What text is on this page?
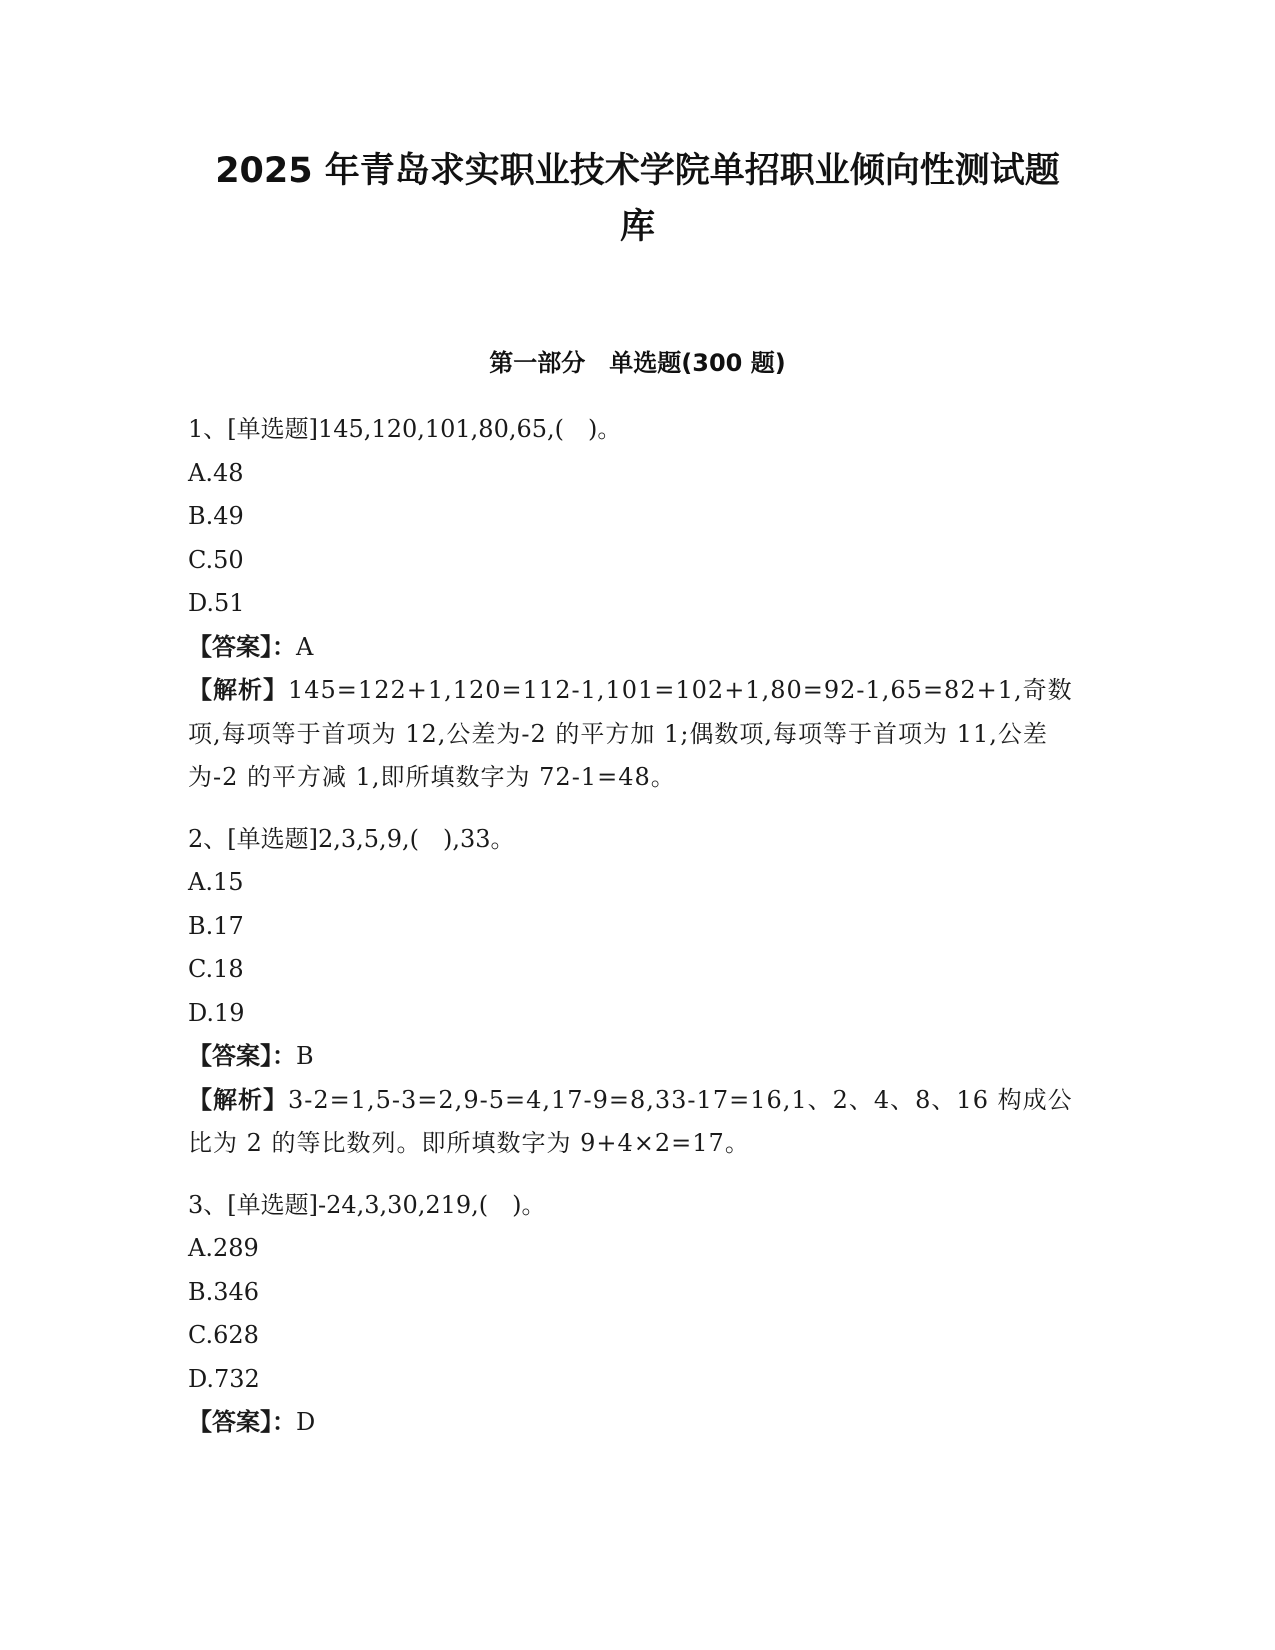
2025 年青岛求实职业技术学院单招职业倾向性测试题
库
第一部分　单选题(300 题)
1、[单选题]145,120,101,80,65,(　)。
A.48
B.49
C.50
D.51
【答案】：A
【解析】145=122+1,120=112-1,101=102+1,80=92-1,65=82+1,奇数项,每项等于首项为 12,公差为-2 的平方加 1;偶数项,每项等于首项为 11,公差为-2 的平方减 1,即所填数字为 72-1=48。
2、[单选题]2,3,5,9,(　),33。
A.15
B.17
C.18
D.19
【答案】：B
【解析】3-2=1,5-3=2,9-5=4,17-9=8,33-17=16,1、2、4、8、16 构成公比为 2 的等比数列。即所填数字为 9+4×2=17。
3、[单选题]-24,3,30,219,(　)。
A.289
B.346
C.628
D.732
【答案】：D
